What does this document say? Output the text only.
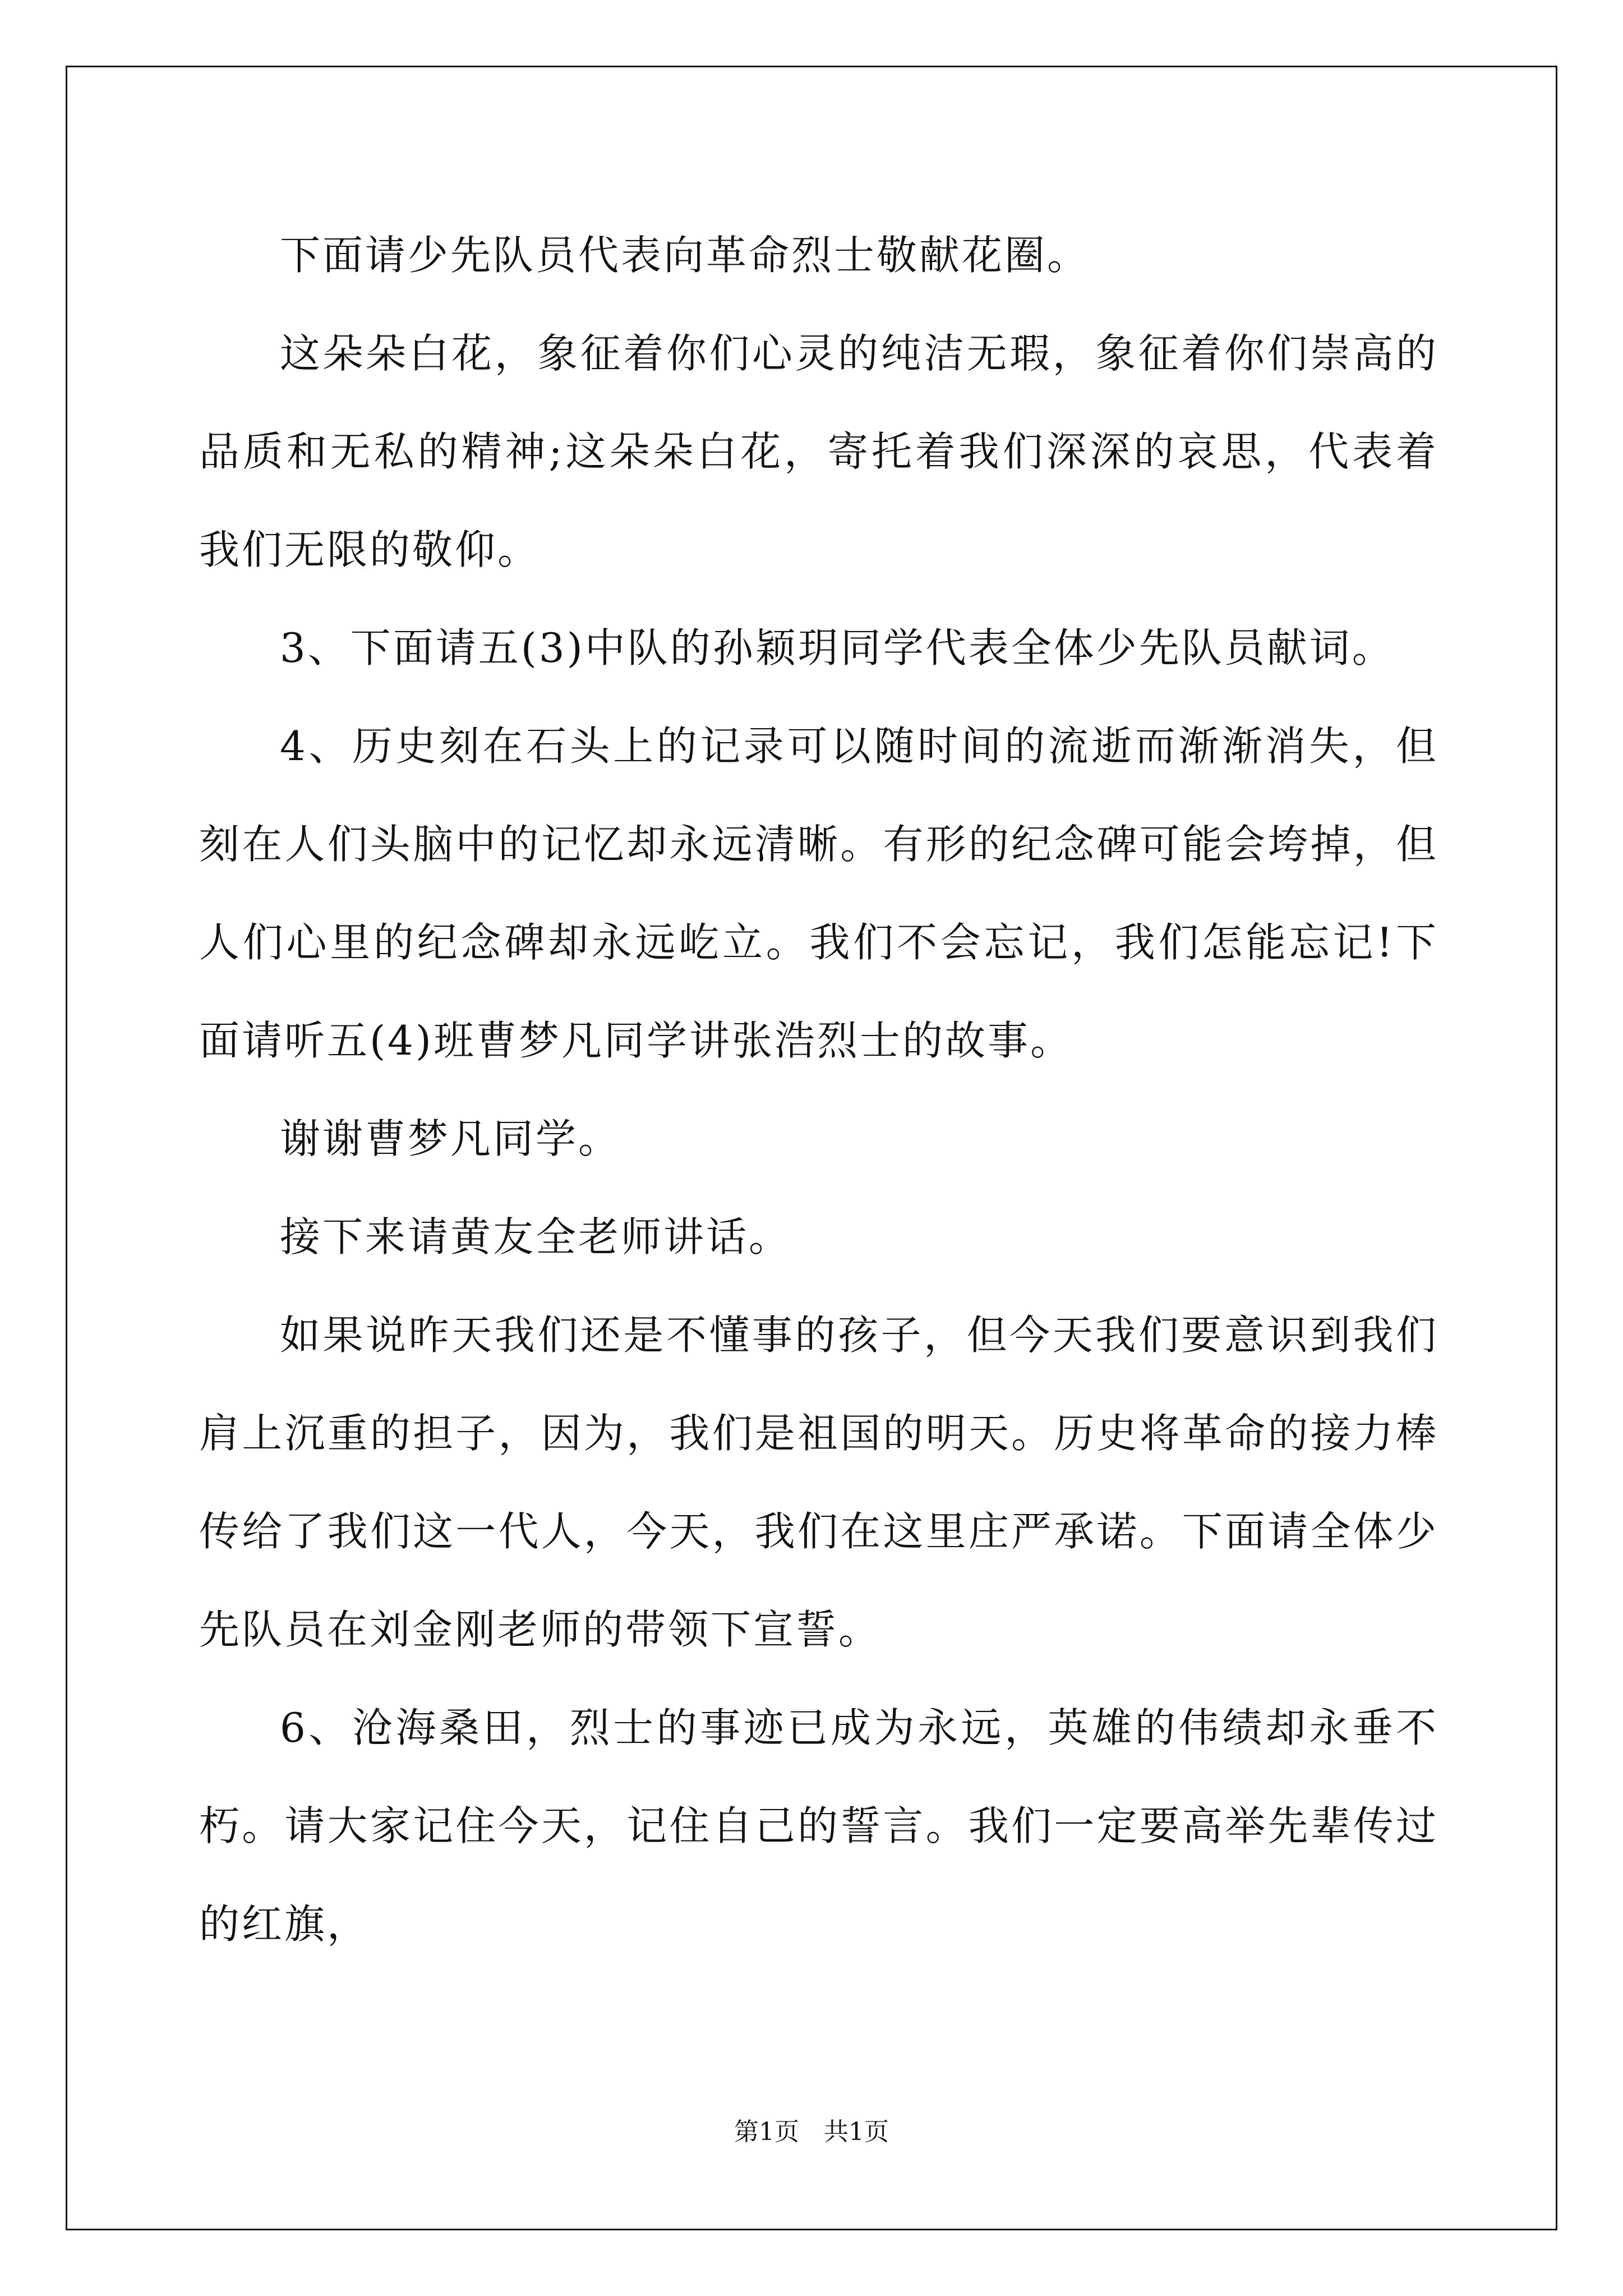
下面请少先队员代表向革命烈士敬献花圈。

这朵朵白花，象征着你们心灵的纯洁无瑕，象征着你们崇高的品质和无私的精神;这朵朵白花，寄托着我们深深的哀思，代表着我们无限的敬仰。

3、下面请五(3)中队的孙颖玥同学代表全体少先队员献词。

4、历史刻在石头上的记录可以随时间的流逝而渐渐消失，但刻在人们头脑中的记忆却永远清晰。有形的纪念碑可能会垮掉，但人们心里的纪念碑却永远屹立。我们不会忘记，我们怎能忘记!下面请听五(4)班曹梦凡同学讲张浩烈士的故事。

谢谢曹梦凡同学。

接下来请黄友全老师讲话。

如果说昨天我们还是不懂事的孩子，但今天我们要意识到我们肩上沉重的担子，因为，我们是祖国的明天。历史将革命的接力棒传给了我们这一代人，今天，我们在这里庄严承诺。下面请全体少先队员在刘金刚老师的带领下宣誓。

6、沧海桑田，烈士的事迹已成为永远，英雄的伟绩却永垂不朽。请大家记住今天，记住自己的誓言。我们一定要高举先辈传过的红旗，

第1页　共1页
